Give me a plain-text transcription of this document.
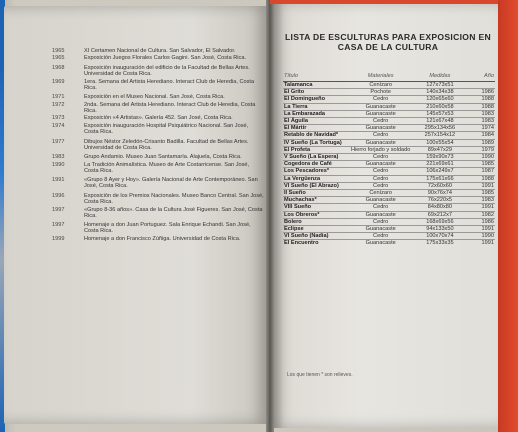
1965	XI Certamen Nacional de Cultura. San Salvador, El Salvador.
1965	Exposición Juegos Florales Carlos Gagini. San José, Costa Rica.
1968	Exposición inauguración del edificio de la Facultad de Bellas Artes. Universidad de Costa Rica.
1969	1era. Semana del Artista Herediano. Interact Club de Heredia, Costa Rica.
1971	Exposición en el Museo Nacional. San José, Costa Rica.
1972	2nda. Semana del Artista Herediano. Interact Club de Heredia, Costa Rica.
1973	Exposición «4 Artistas». Galería 452. San José, Costa Rica.
1974	Exposición inauguración Hospital Psiquiátrico Nacional. San José, Costa Rica.
1977	Dibujos Néstor Zeledón-Crisanto Badilla. Facultad de Bellas Artes. Universidad de Costa Rica.
1983	Grupo Andamio. Museo Juan Santamaría. Alajuela, Costa Rica.
1990	La Tradición Animalística. Museo de Arte Costarricense. San José, Costa Rica.
1991	«Grupo 8 Ayer y Hoy». Galería Nacional de Arte Contemporáneo. San José, Costa Rica.
1996	Exposición de los Premios Nacionales. Museo Banco Central. San José, Costa Rica.
1997	«Grupo 8-36 años». Casa de la Cultura José Figueres. San José, Costa Rica.
1997	Homenaje a don Juan Portuguez. Sala Enrique Echandi. San José, Costa Rica.
1999	Homenaje a don Francisco Zúñiga. Universidad de Costa Rica.
LISTA DE ESCULTURAS PARA EXPOSICION EN CASA DE LA CULTURA
Título	Materiales	Medidas	Año
Talamanca	Cenízaro	127x73x51	
El Grito	Pochote	140x34x38	1986
El Domingueño	Cedro	120x65x60	1988
La Tierra	Guanacaste	210x60x58	1988
La Embarazada	Guanacaste	145x57x53	1983
El Águila	Cedro	121x67x48	1983
El Mártir	Guanacaste	295x134x56	1974
Retablo de Navidad*	Cedro	257x154x12	1984
IV Sueño (La Tortuga)	Guanacaste	100x55x54	1989
El Profeta	Hierro forjado y soldado	89x47x29	1979
V Sueño (La Espera)	Cedro	159x90x73	1990
Cogedora de Café	Guanacaste	221x69x61	1985
Los Pescadores*	Cedro	106x249x7	1987
La Vergüenza	Cedro	175x61x66	1988
VI Sueño (El Abrazo)	Cedro	72x60x60	1991
II Sueño	Cenízaro	90x76x74	1985
Muchachas*	Guanacaste	76x220x5	1983
VIII Sueño	Cedro	84x80x80	1991
Los Obreros*	Guanacaste	69x212x7	1982
Bolero	Cedro	168x69x56	1986
Eclipse	Guanacaste	94x133x50	1991
VI Sueño (Nadia)	Cedro	100x70x74	1990
El Encuentro	Guanacaste	175x33x35	1991
Los que tienen * son relieves.
